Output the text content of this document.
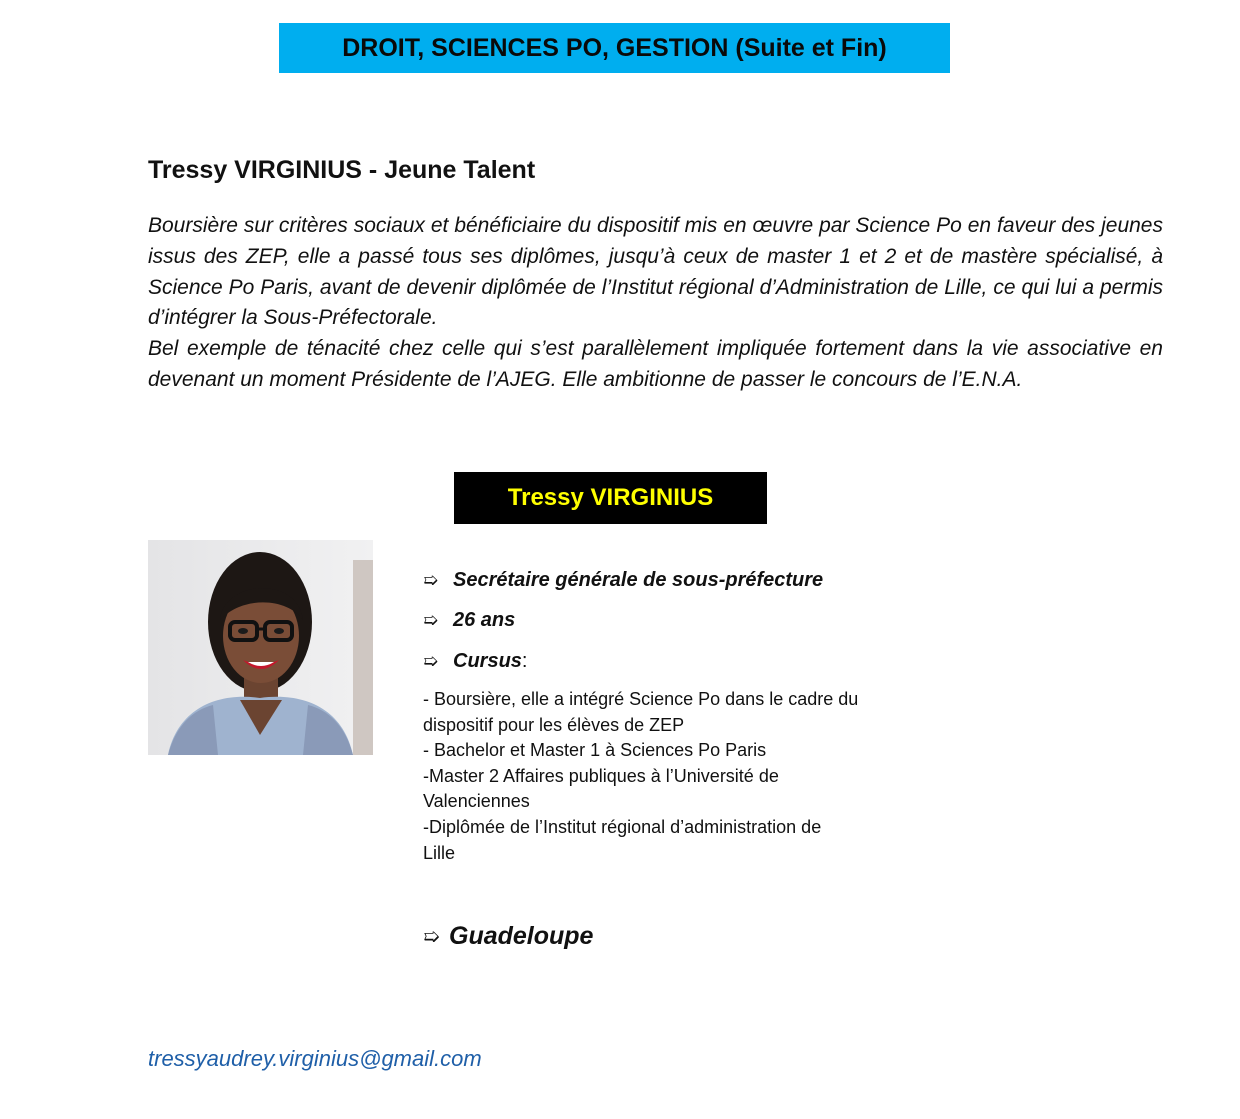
DROIT, SCIENCES PO, GESTION (Suite et Fin)
Tressy VIRGINIUS - Jeune Talent

Boursière sur critères sociaux et bénéficiaire du dispositif mis en œuvre par Science Po en faveur des jeunes issus des ZEP, elle a passé tous ses diplômes, jusqu’à ceux de master 1 et 2 et de mastère spécialisé, à Science Po Paris, avant de devenir diplômée de l’Institut régional d’Administration de Lille, ce qui lui a permis d’intégrer la Sous-Préfectorale.

Bel exemple de ténacité chez celle qui s’est parallèlement impliquée fortement dans la vie associative en devenant un moment Présidente de l’AJEG. Elle ambitionne de passer le concours de l’E.N.A.

Tressy VIRGINIUS
➯ Secrétaire générale de sous-préfecture
➯ 26 ans
➯ Cursus :
- Boursière, elle a intégré Science Po dans le cadre du
dispositif pour les élèves de ZEP
- Bachelor et Master 1 à Sciences Po Paris
-Master 2 Affaires publiques à l’Université de
Valenciennes
-Diplômée de l’Institut régional d’administration de
Lille
➯ Guadeloupe
tressyaudrey.virginius@gmail.com
